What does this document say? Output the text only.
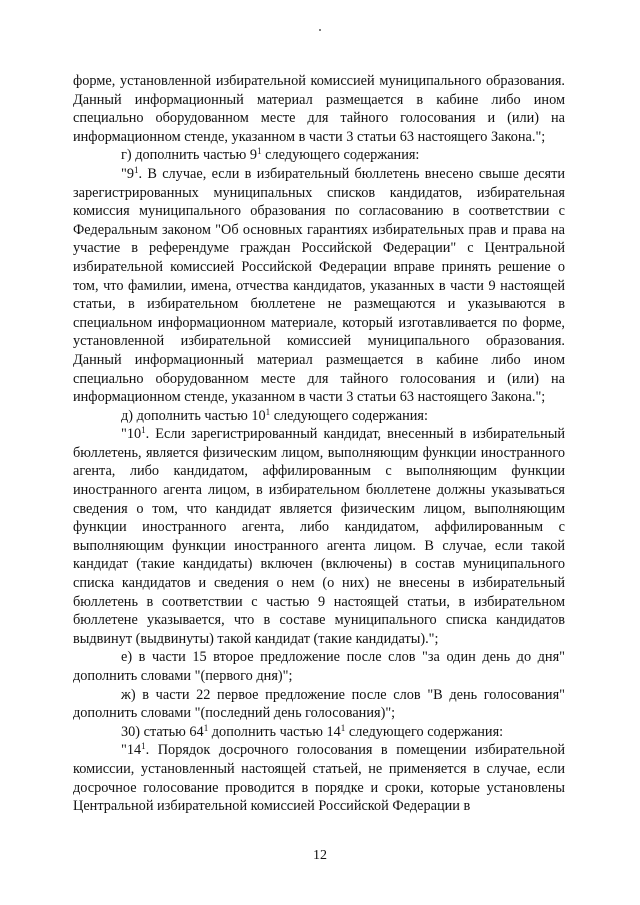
форме, установленной избирательной комиссией муниципального образования. Данный информационный материал размещается в кабине либо ином специально оборудованном месте для тайного голосования и (или) на информационном стенде, указанном в части 3 статьи 63 настоящего Закона.";

г) дополнить частью $9^1$ следующего содержания:

"$9^1$. В случае, если в избирательный бюллетень внесено свыше десяти зарегистрированных муниципальных списков кандидатов, избирательная комиссия муниципального образования по согласованию в соответствии с Федеральным законом "Об основных гарантиях избирательных прав и права на участие в референдуме граждан Российской Федерации" с Центральной избирательной комиссией Российской Федерации вправе принять решение о том, что фамилии, имена, отчества кандидатов, указанных в части 9 настоящей статьи, в избирательном бюллетене не размещаются и указываются в специальном информационном материале, который изготавливается по форме, установленной избирательной комиссией муниципального образования. Данный информационный материал размещается в кабине либо ином специально оборудованном месте для тайного голосования и (или) на информационном стенде, указанном в части 3 статьи 63 настоящего Закона.";

д) дополнить частью $10^1$ следующего содержания:

"$10^1$. Если зарегистрированный кандидат, внесенный в избирательный бюллетень, является физическим лицом, выполняющим функции иностранного агента, либо кандидатом, аффилированным с выполняющим функции иностранного агента лицом, в избирательном бюллетене должны указываться сведения о том, что кандидат является физическим лицом, выполняющим функции иностранного агента, либо кандидатом, аффилированным с выполняющим функции иностранного агента лицом. В случае, если такой кандидат (такие кандидаты) включен (включены) в состав муниципального списка кандидатов и сведения о нем (о них) не внесены в избирательный бюллетень в соответствии с частью 9 настоящей статьи, в избирательном бюллетене указывается, что в составе муниципального списка кандидатов выдвинут (выдвинуты) такой кандидат (такие кандидаты).";

е) в части 15 второе предложение после слов "за один день до дня" дополнить словами "(первого дня)";

ж) в части 22 первое предложение после слов "В день голосования" дополнить словами "(последний день голосования)";

30) статью $64^1$ дополнить частью $14^1$ следующего содержания:

"$14^1$. Порядок досрочного голосования в помещении избирательной комиссии, установленный настоящей статьей, не применяется в случае, если досрочное голосование проводится в порядке и сроки, которые установлены Центральной избирательной комиссией Российской Федерации в

12
